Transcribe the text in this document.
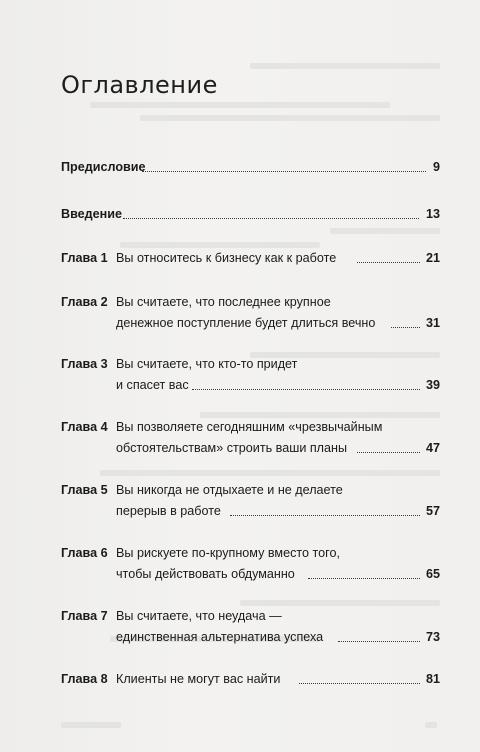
Оглавление
Предисловие	9
Введение	13
Глава 1 Вы относитесь к бизнесу как к работе	21
Глава 2 Вы считаете, что последнее крупное
денежное поступление будет длиться вечно	31
Глава 3 Вы считаете, что кто-то придет
и спасет вас	39
Глава 4 Вы позволяете сегодняшним «чрезвычайным
обстоятельствам» строить ваши планы	47
Глава 5 Вы никогда не отдыхаете и не делаете
перерыв в работе	57
Глава 6 Вы рискуете по-крупному вместо того,
чтобы действовать обдуманно	65
Глава 7 Вы считаете, что неудача —
единственная альтернатива успеха	73
Глава 8 Клиенты не могут вас найти	81
